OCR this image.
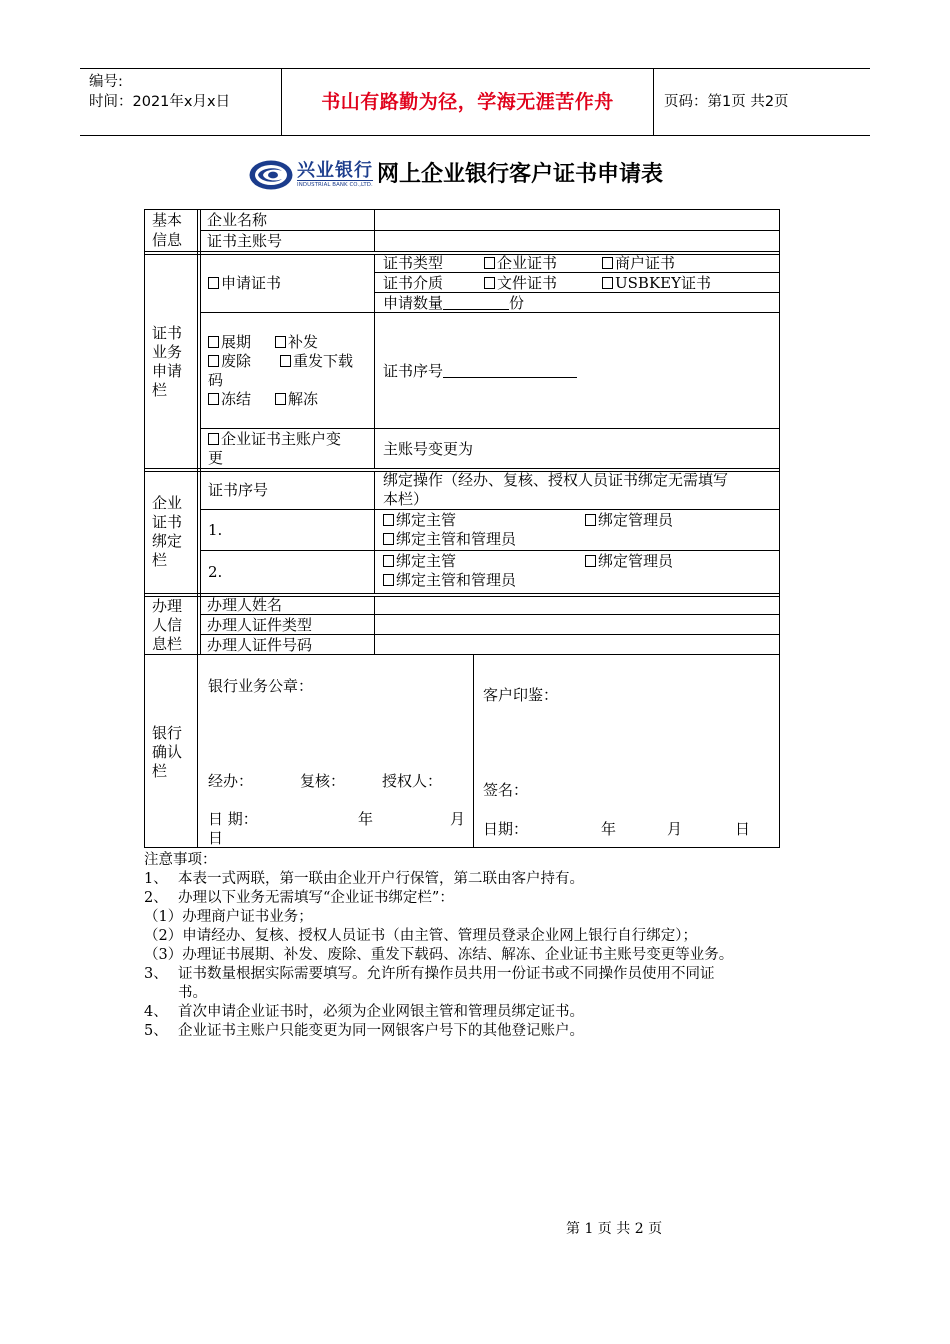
编号:
时间：2021年x月x日	书山有路勤为径，学海无涯苦作舟	页码：第1页 共2页
兴业银行
INDUSTRIAL BANK CO.,LTD. 网上企业银行客户证书申请表
基本
信息
企业名称
证书主账号
证书
业务
申请
栏
申请证书
证书类型	企业证书	商户证书
证书介质	文件证书	USBKEY证书
申请数量	份
展期	补发
废除	重发下载
码
冻结	解冻
证书序号
企业证书主账户变
更	主账号变更为
企业
证书
绑定
栏
证书序号
绑定操作（经办、复核、授权人员证书绑定无需填写
本栏）
1.
绑定主管	绑定管理员
绑定主管和管理员
2.
绑定主管	绑定管理员
绑定主管和管理员
办理
人信
息栏
办理人姓名
办理人证件类型
办理人证件号码
银行
确认
栏
银行业务公章：
经办：	复核： 授权人：
日 期：	年	月
日
客户印鉴：
签名：
日期：	年	月	日
注意事项：
1、 本表一式两联，第一联由企业开户行保管，第二联由客户持有。
2、 办理以下业务无需填写“企业证书绑定栏”：
（1）办理商户证书业务；
（2）申请经办、复核、授权人员证书（由主管、管理员登录企业网上银行自行绑定）；
（3）办理证书展期、补发、废除、重发下载码、冻结、解冻、企业证书主账号变更等业务。
3、 证书数量根据实际需要填写。允许所有操作员共用一份证书或不同操作员使用不同证
书。
4、 首次申请企业证书时，必须为企业网银主管和管理员绑定证书。
5、 企业证书主账户只能变更为同一网银客户号下的其他登记账户。
第 1 页 共 2 页
